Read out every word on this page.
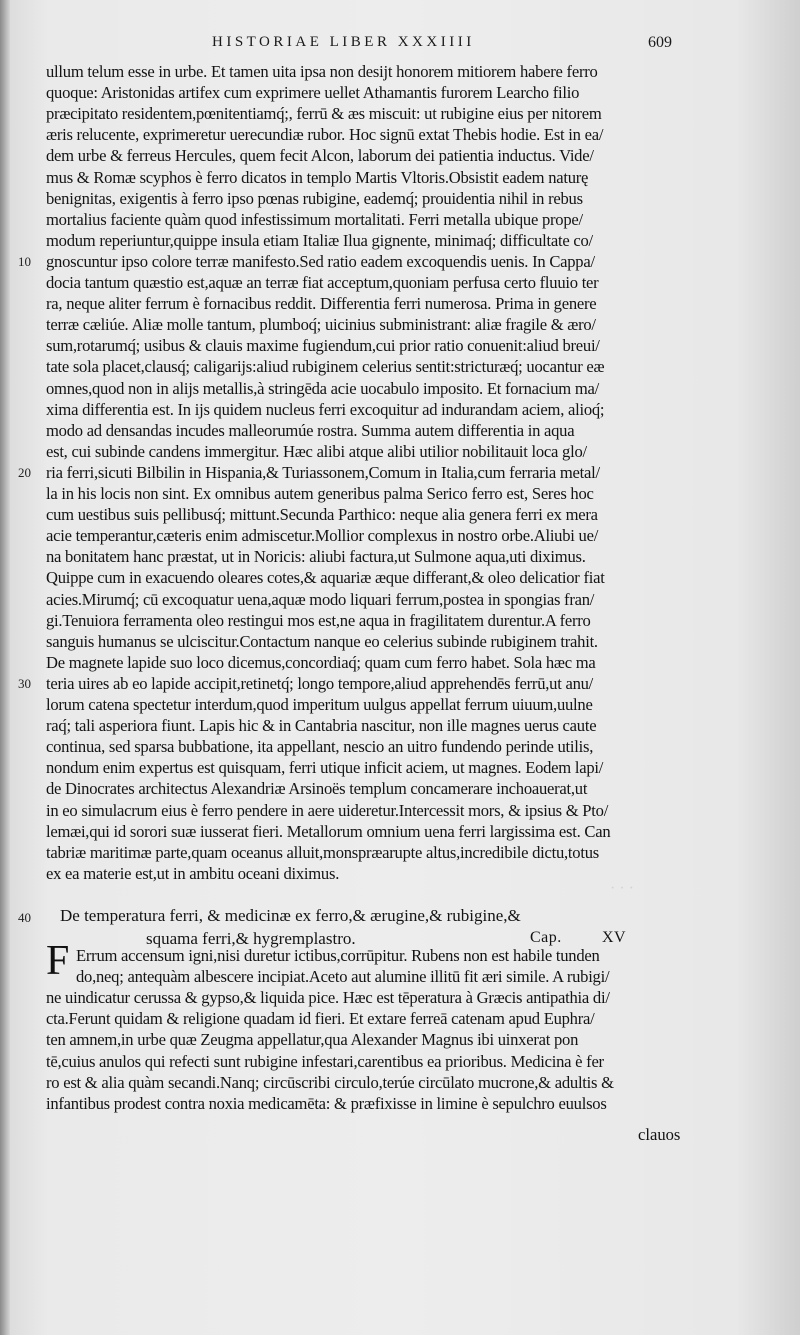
HISTORIAE LIBER XXXIIII	609
ullum telum esse in urbe. Et tamen uita ipsa non desijt honorem mitiorem habere ferro
quoque: Aristonidas artifex cum exprimere uellet Athamantis furorem Learcho filio
præcipitato residentem,pœnitentiamq́;, ferrū & æs miscuit: ut rubigine eius per nitorem
æris relucente, exprimeretur uerecundiæ rubor. Hoc signū extat Thebis hodie. Est in ea/
dem urbe & ferreus Hercules, quem fecit Alcon, laborum dei patientia inductus. Vide/
mus & Romæ scyphos è ferro dicatos in templo Martis Vltoris.Obsistit eadem naturę
benignitas, exigentis à ferro ipso pœnas rubigine, eademq́; prouidentia nihil in rebus
mortalius faciente quàm quod infestissimum mortalitati. Ferri metalla ubique prope/
modum reperiuntur,quippe insula etiam Italiæ Ilua gignente, minimaq́; difficultate co/
gnoscuntur ipso colore terræ manifesto.Sed ratio eadem excoquendis uenis. In Cappa/
docia tantum quæstio est,aquæ an terræ fiat acceptum,quoniam perfusa certo fluuio ter
ra, neque aliter ferrum è fornacibus reddit. Differentia ferri numerosa. Prima in genere
terræ cæliúe. Aliæ molle tantum, plumboq́; uicinius subministrant: aliæ fragile & æro/
sum,rotarumq́; usibus & clauis maxime fugiendum,cui prior ratio conuenit:aliud breui/
tate sola placet,clausq́; caligarijs:aliud rubiginem celerius sentit:stricturæq́; uocantur eæ
omnes,quod non in alijs metallis,à stringēda acie uocabulo imposito. Et fornacium ma/
xima differentia est. In ijs quidem nucleus ferri excoquitur ad indurandam aciem, alioq́;
modo ad densandas incudes malleorumúe rostra. Summa autem differentia in aqua
est, cui subinde candens immergitur. Hæc alibi atque alibi utilior nobilitauit loca glo/
ria ferri,sicuti Bilbilin in Hispania,& Turiassonem,Comum in Italia,cum ferraria metal/
la in his locis non sint. Ex omnibus autem generibus palma Serico ferro est, Seres hoc
cum uestibus suis pellibusq́; mittunt.Secunda Parthico: neque alia genera ferri ex mera
acie temperantur,cæteris enim admiscetur.Mollior complexus in nostro orbe.Aliubi ue/
na bonitatem hanc præstat, ut in Noricis: aliubi factura,ut Sulmone aqua,uti diximus.
Quippe cum in exacuendo oleares cotes,& aquariæ æque differant,& oleo delicatior fiat
acies.Mirumq́; cū excoquatur uena,aquæ modo liquari ferrum,postea in spongias fran/
gi.Tenuiora ferramenta oleo restingui mos est,ne aqua in fragilitatem durentur.A ferro
sanguis humanus se ulciscitur.Contactum nanque eo celerius subinde rubiginem trahit.
De magnete lapide suo loco dicemus,concordiaq́; quam cum ferro habet. Sola hæc ma
teria uires ab eo lapide accipit,retinetq́; longo tempore,aliud apprehendēs ferrū,ut anu/
lorum catena spectetur interdum,quod imperitum uulgus appellat ferrum uiuum,uulne
raq́; tali asperiora fiunt. Lapis hic & in Cantabria nascitur, non ille magnes uerus caute
continua, sed sparsa bubbatione, ita appellant, nescio an uitro fundendo perinde utilis,
nondum enim expertus est quisquam, ferri utique inficit aciem, ut magnes. Eodem lapi/
de Dinocrates architectus Alexandriæ Arsinoës templum concamerare inchoauerat,ut
in eo simulacrum eius è ferro pendere in aere uideretur.Intercessit mors, & ipsius & Pto/
lemæi,qui id sorori suæ iusserat fieri. Metallorum omnium uena ferri largissima est. Can
tabriæ maritimæ parte,quam oceanus alluit,monspræarupte altus,incredibile dictu,totus
ex ea materie est,ut in ambitu oceani diximus.
10
20
30
40 De temperatura ferri, & medicinæ ex ferro,& ærugine,& rubigine,&
squama ferri,& hygremplastro.	Cap.	XV
F Errum accensum igni,nisi duretur ictibus,corrūpitur. Rubens non est habile tunden
do,neq; antequàm albescere incipiat.Aceto aut alumine illitū fit æri simile. A rubigi/
ne uindicatur cerussa & gypso,& liquida pice. Hæc est tēperatura à Græcis antipathia di/
cta.Ferunt quidam & religione quadam id fieri. Et extare ferreā catenam apud Euphra/
ten amnem,in urbe quæ Zeugma appellatur,qua Alexander Magnus ibi uinxerat pon
tē,cuius anulos qui refecti sunt rubigine infestari,carentibus ea prioribus. Medicina è fer
ro est & alia quàm secandi.Nanq; circūscribi circulo,terúe circūlato mucrone,& adultis &
infantibus prodest contra noxia medicamēta: & præfixisse in limine è sepulchro euulsos
clauos
· · ·
